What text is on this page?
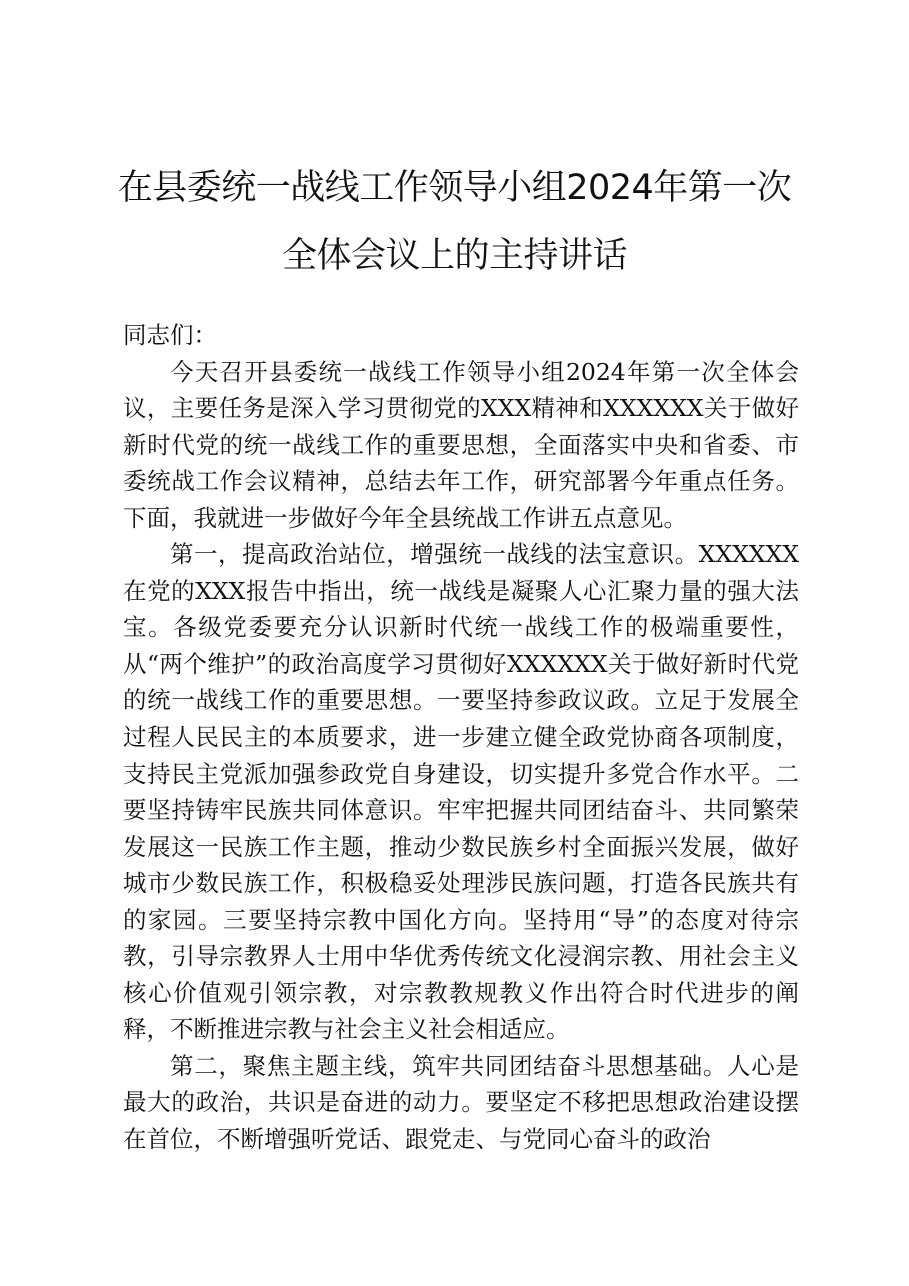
在县委统一战线工作领导小组2024年第一次
全体会议上的主持讲话

同志们：

今天召开县委统一战线工作领导小组2024年第一次全体会议，主要任务是深入学习贯彻党的XXX精神和XXXXXX关于做好新时代党的统一战线工作的重要思想，全面落实中央和省委、市委统战工作会议精神，总结去年工作，研究部署今年重点任务。下面，我就进一步做好今年全县统战工作讲五点意见。

第一，提高政治站位，增强统一战线的法宝意识。XXXXXX在党的XXX报告中指出，统一战线是凝聚人心汇聚力量的强大法宝。各级党委要充分认识新时代统一战线工作的极端重要性，从“两个维护”的政治高度学习贯彻好XXXXXX关于做好新时代党的统一战线工作的重要思想。一要坚持参政议政。立足于发展全过程人民民主的本质要求，进一步建立健全政党协商各项制度，支持民主党派加强参政党自身建设，切实提升多党合作水平。二要坚持铸牢民族共同体意识。牢牢把握共同团结奋斗、共同繁荣发展这一民族工作主题，推动少数民族乡村全面振兴发展，做好城市少数民族工作，积极稳妥处理涉民族问题，打造各民族共有的家园。三要坚持宗教中国化方向。坚持用“导”的态度对待宗教，引导宗教界人士用中华优秀传统文化浸润宗教、用社会主义核心价值观引领宗教，对宗教教规教义作出符合时代进步的阐释，不断推进宗教与社会主义社会相适应。

第二，聚焦主题主线，筑牢共同团结奋斗思想基础。人心是最大的政治，共识是奋进的动力。要坚定不移把思想政治建设摆在首位，不断增强听党话、跟党走、与党同心奋斗的政治
